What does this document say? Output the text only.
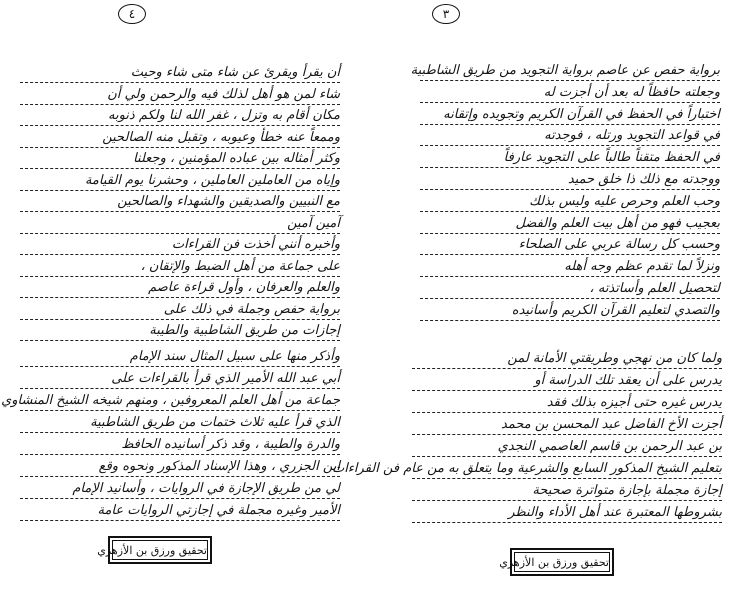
٤
أن يقرأ ويقرئ عن شاء متى شاء وحيث
شاء لمن هو أهل لذلك فيه والرحمن ولي أن
مكان أقام به وتزل ، غفر الله لنا ولكم ذنوبه
وممعاً عنه خطأ وعيوبه ، وتقبل منه الصالحين
وكثر أمثاله بين عباده المؤمنين ، وجعلنا
وإياه من العاملين العاملين ، وحشرنا يوم القيامة
مع النبيين والصديقين والشهداء والصالحين
آمين آمين
وأخبره أنني أخذت فن القراءات
على جماعة من أهل الضبط والإتقان ،
والعلم والعرفان ، وأول قراءة عاصم
برواية حفص وجملة في ذلك على
إجازات من طريق الشاطبية والطيبة
وأذكر منها على سبيل المثال سند الإمام
أبي عبد الله الأمير الذي قرأ بالقراءات على
جماعة من أهل العلم المعروفين ، ومنهم شيخه الشيخ المنشاوي
الذي قرأ عليه ثلاث ختمات من طريق الشاطبية
والدرة والطيبة ، وقد ذكر أسانيده الحافظ
ابن الجزري ، وهذا الإسناد المذكور ونحوه وقع
لي من طريق الإجازة في الروايات ، وأسانيد الإمام
الأمير وغيره مجملة في إجازتي الروايات عامة
تحقيق ورزق بن الأزهري
٣
برواية حفص عن عاصم برواية التجويد من طريق الشاطبية
وجعلته حافظاً له بعد أن أجزت له
اختباراً في الحفظ في القرآن الكريم وتجويده وإتقانه
في قواعد التجويد ورتله ، فوجدته
في الحفظ متقناً طالباً على التجويد عارفاً
ووجدته مع ذلك ذا خلق حميد
وحب العلم وحرص عليه وليس بذلك
بعجيب فهو من أهل بيت العلم والفضل
وحسب كل رسالة عربي على الصلحاء
ونزلاً لما تقدم عظم وجه أهله
لتحصيل العلم وأساتذته ،
والتصدي لتعليم القرآن الكريم وأسانيده
ولما كان من نهجي وطريقتي الأمانة لمن
يدرس على أن يعقد تلك الدراسة أو
يدرس غيره حتى أجيزه بذلك فقد
أجزت الأخ الفاضل عبد المحسن بن محمد
بن عبد الرحمن بن قاسم العاصمي النجدي
بتعليم الشيخ المذكور السابع والشرعية وما يتعلق به من عام فن القراءات
إجازة مجملة بإجازة متواترة صحيحة
بشروطها المعتبرة عند أهل الأداء والنظر
تحقيق ورزق بن الأزهري
